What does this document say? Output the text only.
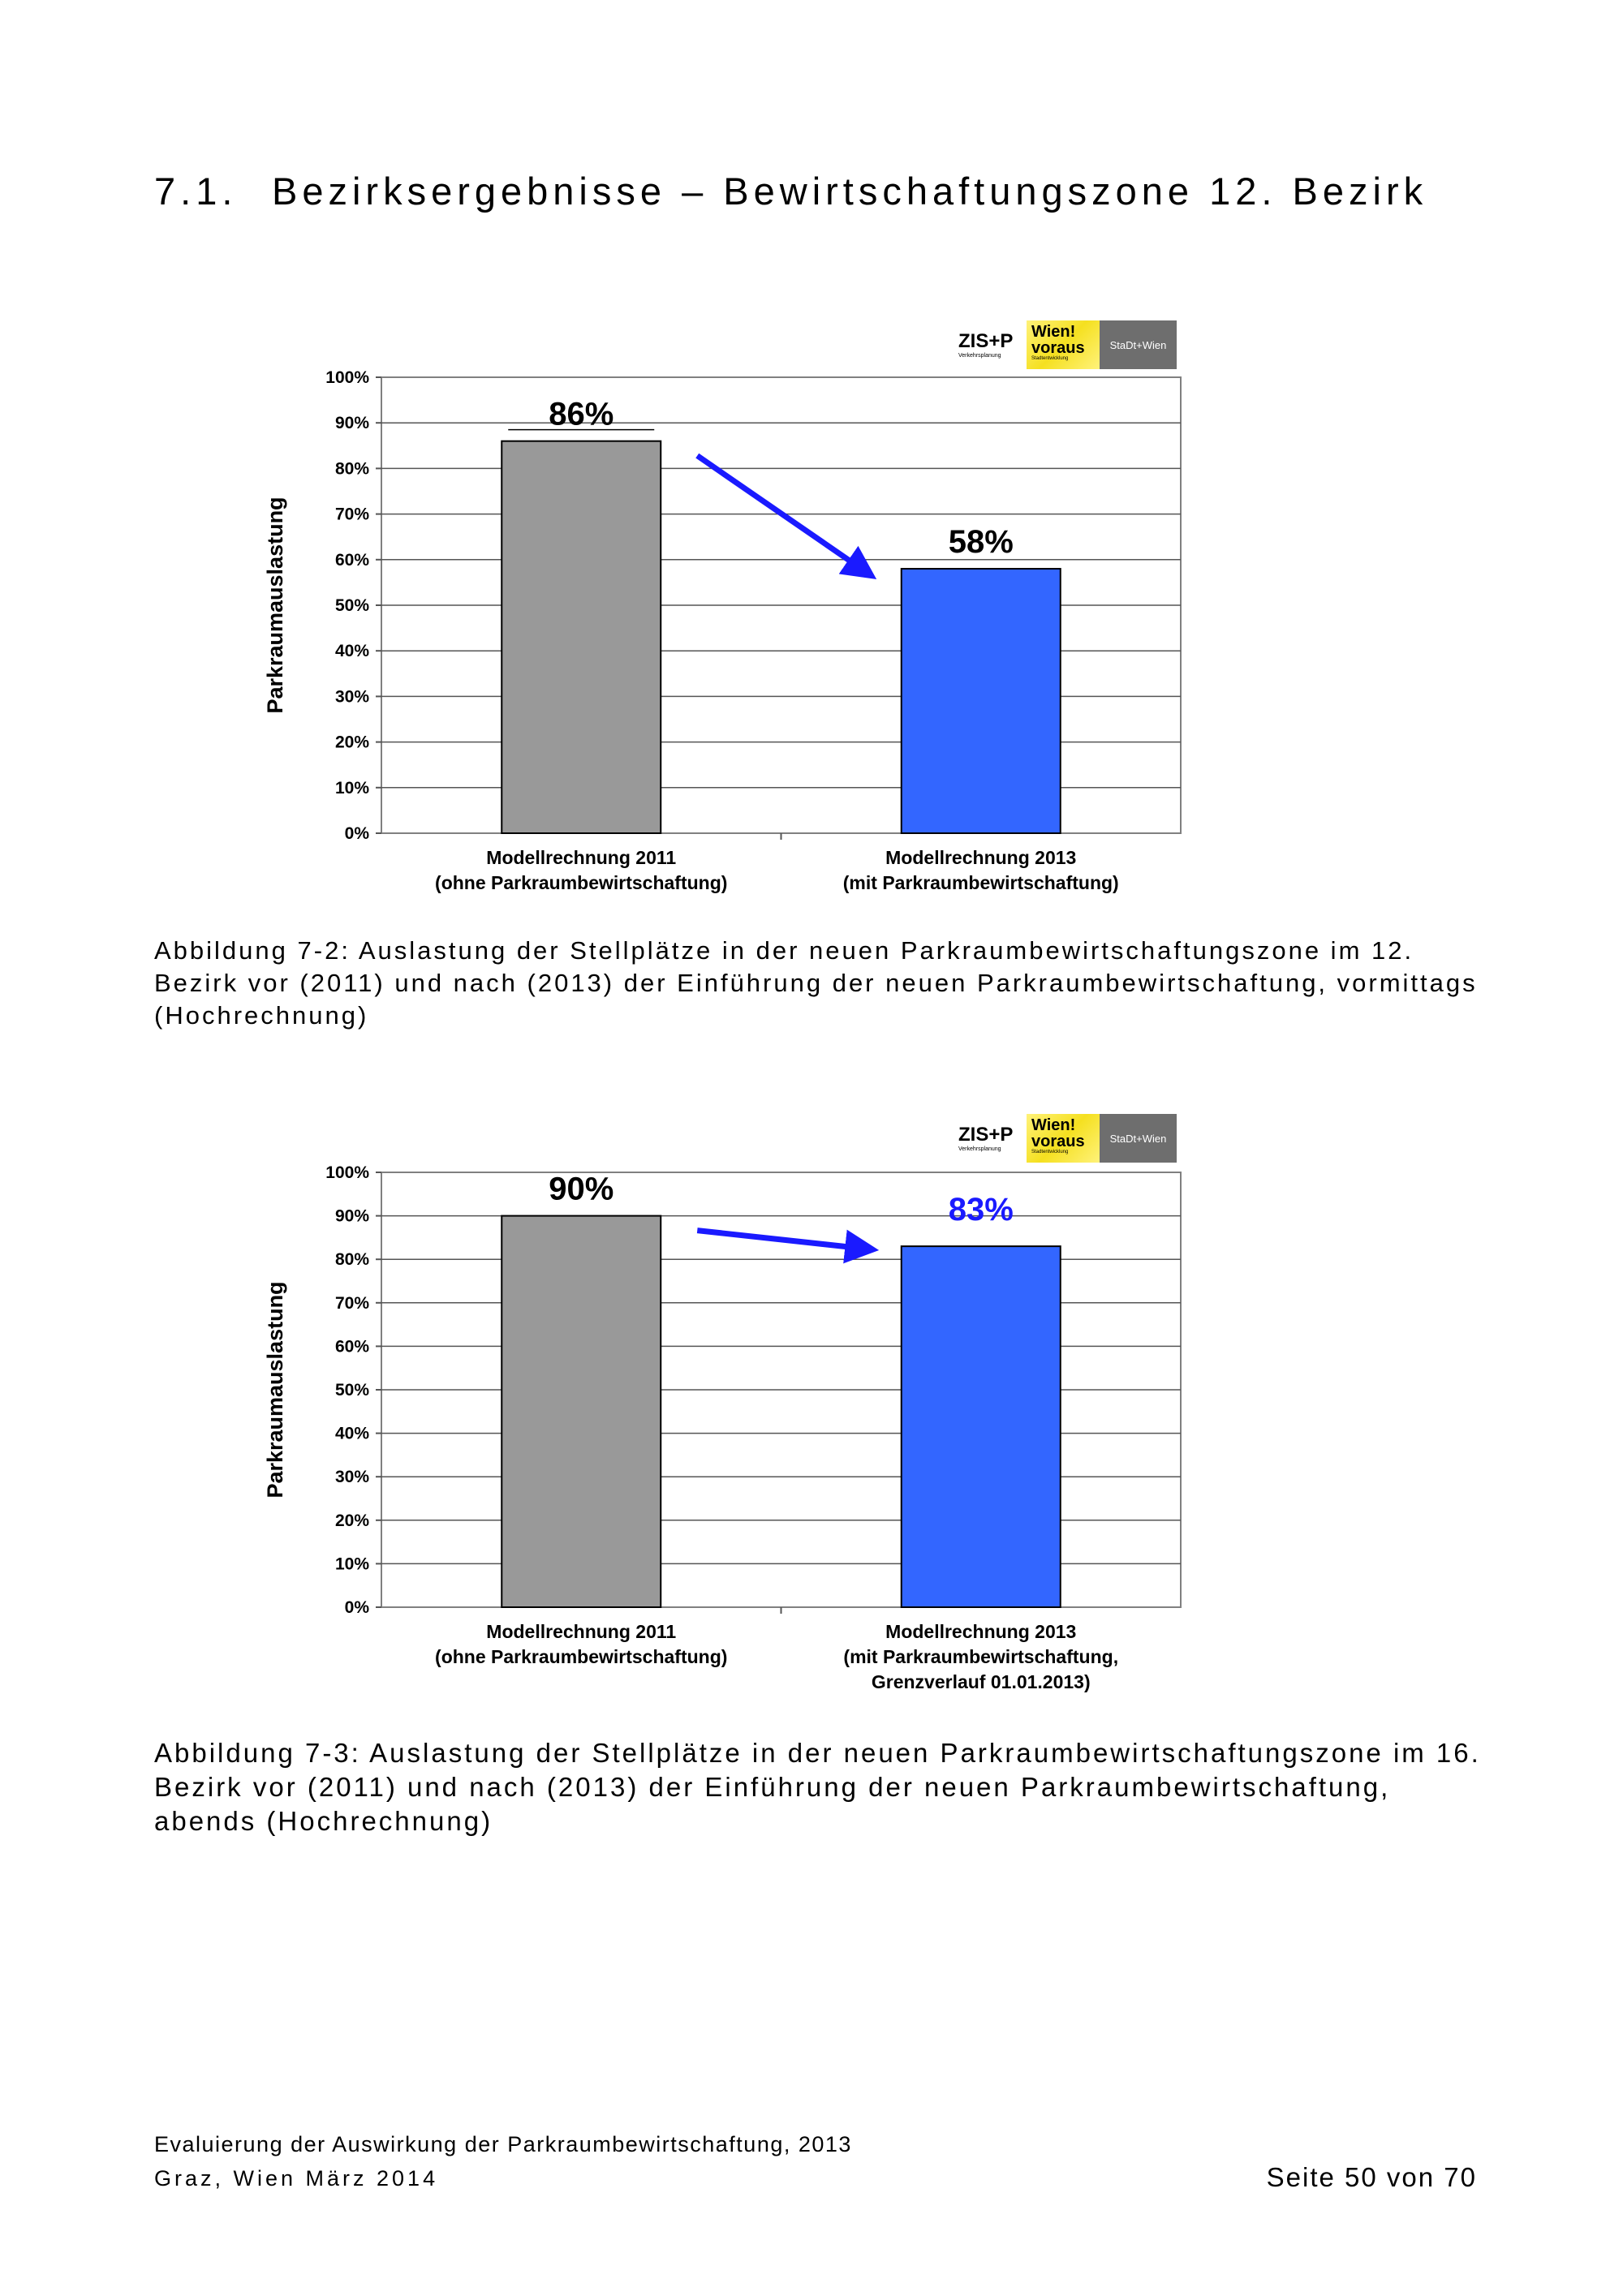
7.1. Bezirksergebnisse – Bewirtschaftungszone 12. Bezirk
ZIS+P
Verkehrsplanung
Wien! voraus
Stadtentwicklung
StaDt+Wien
0%
10%
20%
30%
40%
50%
60%
70%
80%
90%
100%
Parkraumauslastung
Modellrechnung 2011
(ohne Parkraumbewirtschaftung)
Modellrechnung 2013
(mit Parkraumbewirtschaftung)
86%
58%
Abbildung 7-2: Auslastung der Stellplätze in der neuen Parkraumbewirtschaftungszone im 12. Bezirk vor (2011) und nach (2013) der Einführung der neuen Parkraumbewirtschaftung, vormittags (Hochrechnung)
ZIS+P
Verkehrsplanung
Wien! voraus
Stadtentwicklung
StaDt+Wien
0%
10%
20%
30%
40%
50%
60%
70%
80%
90%
100%
Parkraumauslastung
Modellrechnung 2011
(ohne Parkraumbewirtschaftung)
Modellrechnung 2013
(mit Parkraumbewirtschaftung,
Grenzverlauf 01.01.2013)
90%
83%
Abbildung 7-3: Auslastung der Stellplätze in der neuen Parkraumbewirtschaftungszone im 16. Bezirk vor (2011) und nach (2013) der Einführung der neuen Parkraumbewirtschaftung, abends (Hochrechnung)
Evaluierung der Auswirkung der Parkraumbewirtschaftung, 2013
Graz, Wien März 2014	Seite 50 von 70
